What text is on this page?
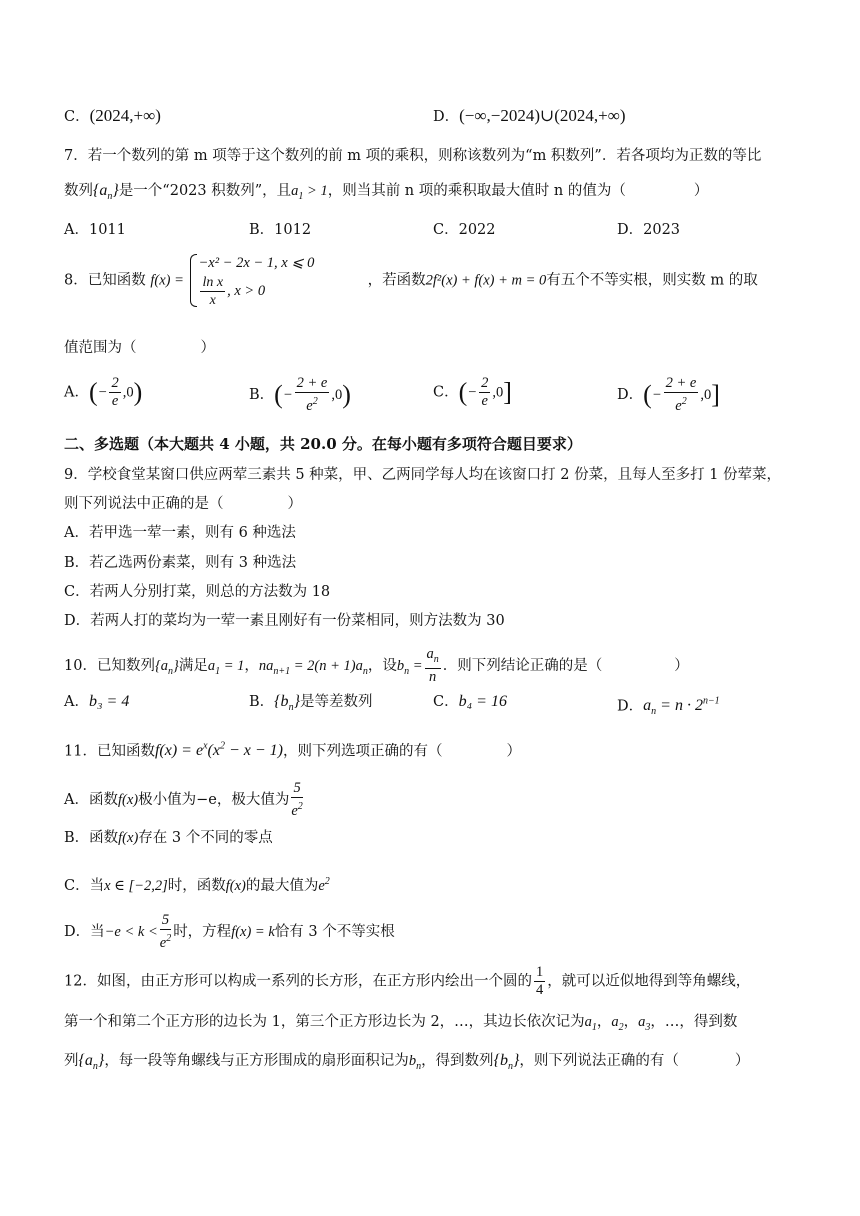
C．(2024,+∞)	D．(−∞,−2024)∪(2024,+∞)
7．若一个数列的第 m 项等于这个数列的前 m 项的乘积，则称该数列为“m 积数列”．若各项均为正数的等比
数列$\{a_n\}$是一个“2023 积数列”，且$a_1 > 1$，则当其前 n 项的乘积取最大值时 n 的值为（	）
A．1011	B．1012	C．2022	D．2023
8．已知函数 f(x) =
−x² − 2x − 1, x ⩽ 0
$\frac{\text{ln x}}{x}$ , x > 0
，若函数2f²(x) + f(x) + m = 0有五个不等实根，则实数 m 的取
值范围为（	）
A．(− $\frac{2}{e} ,0$)	B．(− $\frac{2 + e}{e^2} ,0$)	C．(− $\frac{2}{e} ,0$]	D．(− $\frac{2 + e}{e^2} ,0$]
二、多选题（本大题共 4 小题，共 20.0 分。在每小题有多项符合题目要求）
9．学校食堂某窗口供应两荤三素共 5 种菜，甲、乙两同学每人均在该窗口打 2 份菜，且每人至多打 1 份荤菜，
则下列说法中正确的是（	）
A．若甲选一荤一素，则有 6 种选法
B．若乙选两份素菜，则有 3 种选法
C．若两人分别打菜，则总的方法数为 18
D．若两人打的菜均为一荤一素且刚好有一份菜相同，则方法数为 30
10．已知数列$\{a_n\}$满足$a_1 = 1$，$na_{n+1} = 2(n + 1)a_n$，设$b_n = \frac{a_n}{n}$ ．则下列结论正确的是（	）
A．b₃ = 4	B．$\{b_n\}$是等差数列	C．b₄ = 16	D．$a_n = n \cdot 2^{n-1}$
11．已知函数$f(x) = e^x(x^2 - x - 1)$，则下列选项正确的有（	）
A．函数f(x)极小值为−e，极大值为 $\frac{5}{e^2}$
B．函数f(x)存在 3 个不同的零点
C．当x ∈ [−2,2]时，函数f(x)的最大值为$e^2$
D．当$-e < k < \frac{5}{e^2}$ 时，方程f(x) = k恰有 3 个不等实根
12．如图，由正方形可以构成一系列的长方形，在正方形内绘出一个圆的 $\frac{1}{4}$ ，就可以近似地得到等角螺线，
第一个和第二个正方形的边长为 1，第三个正方形边长为 2，…，其边长依次记为$a_1$，$a_2$，$a_3$，…，得到数
列$\{a_n\}$，每一段等角螺线与正方形围成的扇形面积记为$b_n$，得到数列$\{b_n\}$，则下列说法正确的有（	）
